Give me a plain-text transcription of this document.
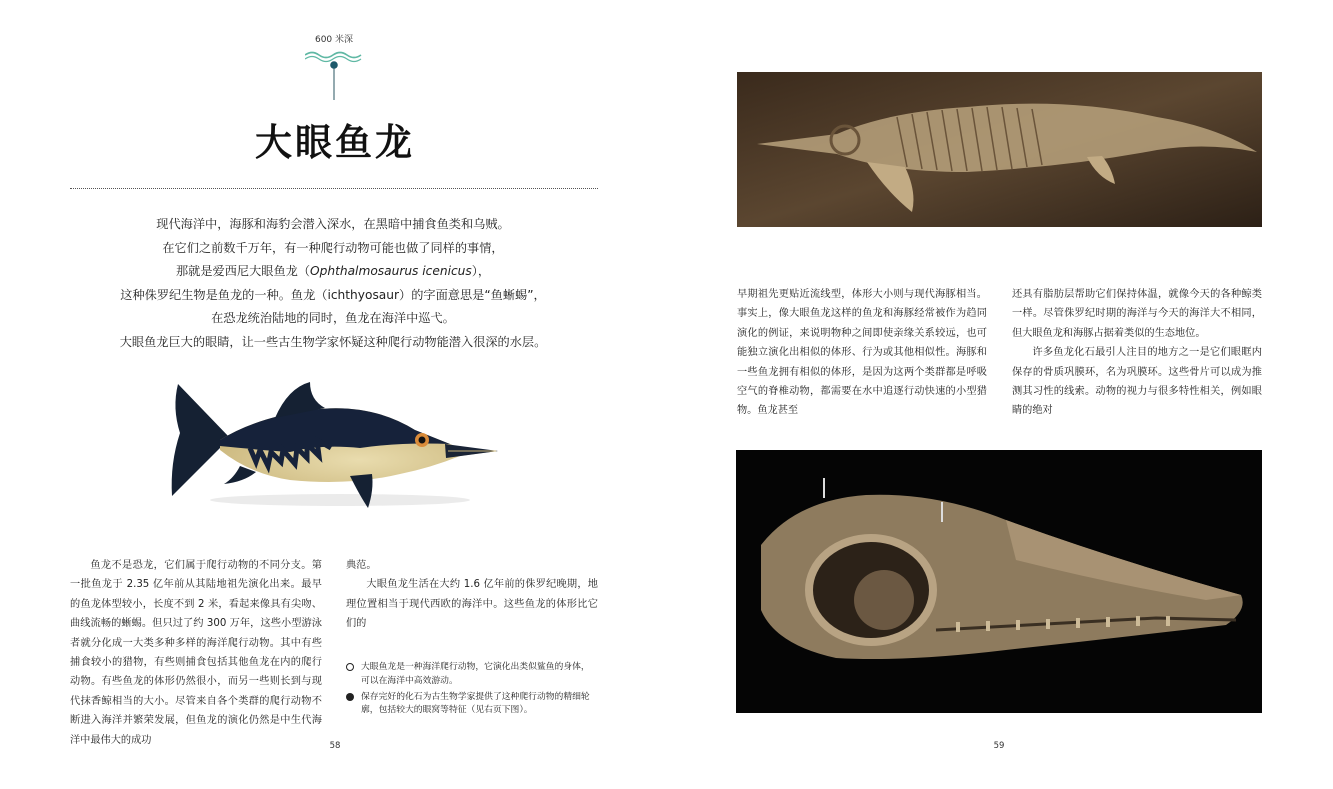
600 米深
大眼鱼龙
现代海洋中，海豚和海豹会潜入深水，在黑暗中捕食鱼类和乌贼。
在它们之前数千万年，有一种爬行动物可能也做了同样的事情，
那就是爱西尼大眼鱼龙（Ophthalmosaurus icenicus），
这种侏罗纪生物是鱼龙的一种。鱼龙（ichthyosaur）的字面意思是“鱼蜥蜴”，
在恐龙统治陆地的同时，鱼龙在海洋中巡弋。
大眼鱼龙巨大的眼睛，让一些古生物学家怀疑这种爬行动物能潜入很深的水层。

鱼龙不是恐龙，它们属于爬行动物的不同分支。第一批鱼龙于 2.35 亿年前从其陆地祖先演化出来。最早的鱼龙体型较小，长度不到 2 米，看起来像具有尖吻、曲线流畅的蜥蜴。但只过了约 300 万年，这些小型游泳者就分化成一大类多种多样的海洋爬行动物。其中有些捕食较小的猎物，有些则捕食包括其他鱼龙在内的爬行动物。有些鱼龙的体形仍然很小，而另一些则长到与现代抹香鲸相当的大小。尽管来自各个类群的爬行动物不断进入海洋并繁荣发展，但鱼龙的演化仍然是中生代海洋中最伟大的成功

典范。

大眼鱼龙生活在大约 1.6 亿年前的侏罗纪晚期，地理位置相当于现代西欧的海洋中。这些鱼龙的体形比它们的

大眼鱼龙是一种海洋爬行动物，它演化出类似鲨鱼的身体，可以在海洋中高效游动。
保存完好的化石为古生物学家提供了这种爬行动物的精细轮廓，包括较大的眼窝等特征（见右页下图）。
58

早期祖先更贴近流线型，体形大小则与现代海豚相当。事实上，像大眼鱼龙这样的鱼龙和海豚经常被作为趋同演化的例证，来说明物种之间即使亲缘关系较远，也可能独立演化出相似的体形、行为或其他相似性。海豚和一些鱼龙拥有相似的体形，是因为这两个类群都是呼吸空气的脊椎动物，都需要在水中追逐行动快速的小型猎物。鱼龙甚至

还具有脂肪层帮助它们保持体温，就像今天的各种鲸类一样。尽管侏罗纪时期的海洋与今天的海洋大不相同，但大眼鱼龙和海豚占据着类似的生态地位。

许多鱼龙化石最引人注目的地方之一是它们眼眶内保存的骨质巩膜环，名为巩膜环。这些骨片可以成为推测其习性的线索。动物的视力与很多特性相关，例如眼睛的绝对

59
